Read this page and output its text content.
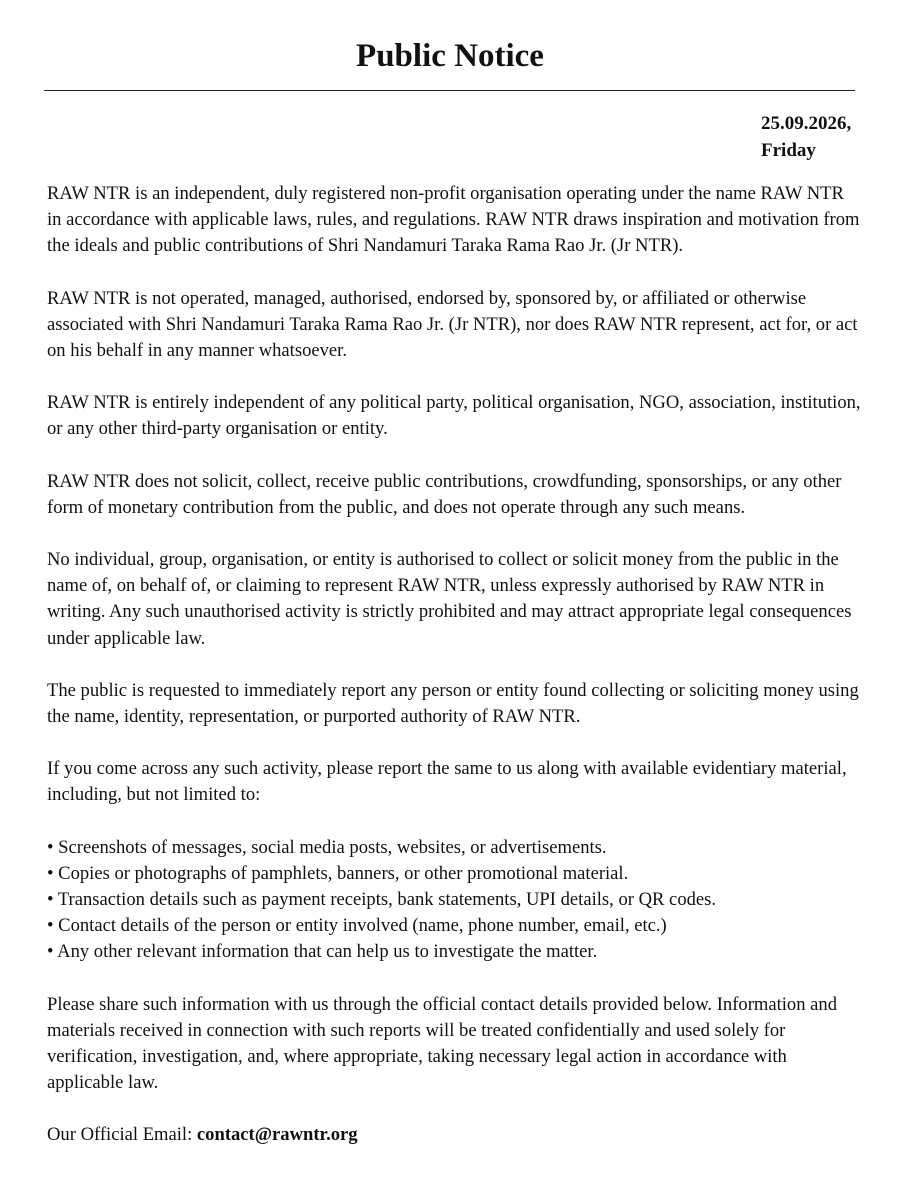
Public Notice
25.09.2026,
Friday

RAW NTR is an independent, duly registered non-profit organisation operating under the name RAW NTR in accordance with applicable laws, rules, and regulations. RAW NTR draws inspiration and motivation from the ideals and public contributions of Shri Nandamuri Taraka Rama Rao Jr. (Jr NTR).

RAW NTR is not operated, managed, authorised, endorsed by, sponsored by, or affiliated or otherwise associated with Shri Nandamuri Taraka Rama Rao Jr. (Jr NTR), nor does RAW NTR represent, act for, or act on his behalf in any manner whatsoever.

RAW NTR is entirely independent of any political party, political organisation, NGO, association, institution, or any other third-party organisation or entity.

RAW NTR does not solicit, collect, receive public contributions, crowdfunding, sponsorships, or any other form of monetary contribution from the public, and does not operate through any such means.

No individual, group, organisation, or entity is authorised to collect or solicit money from the public in the name of, on behalf of, or claiming to represent RAW NTR, unless expressly authorised by RAW NTR in writing. Any such unauthorised activity is strictly prohibited and may attract appropriate legal consequences under applicable law.

The public is requested to immediately report any person or entity found collecting or soliciting money using the name, identity, representation, or purported authority of RAW NTR.

If you come across any such activity, please report the same to us along with available evidentiary material, including, but not limited to:

• Screenshots of messages, social media posts, websites, or advertisements.
• Copies or photographs of pamphlets, banners, or other promotional material.
• Transaction details such as payment receipts, bank statements, UPI details, or QR codes.
• Contact details of the person or entity involved (name, phone number, email, etc.)
• Any other relevant information that can help us to investigate the matter.

Please share such information with us through the official contact details provided below. Information and materials received in connection with such reports will be treated confidentially and used solely for verification, investigation, and, where appropriate, taking necessary legal action in accordance with applicable law.

Our Official Email: contact@rawntr.org
